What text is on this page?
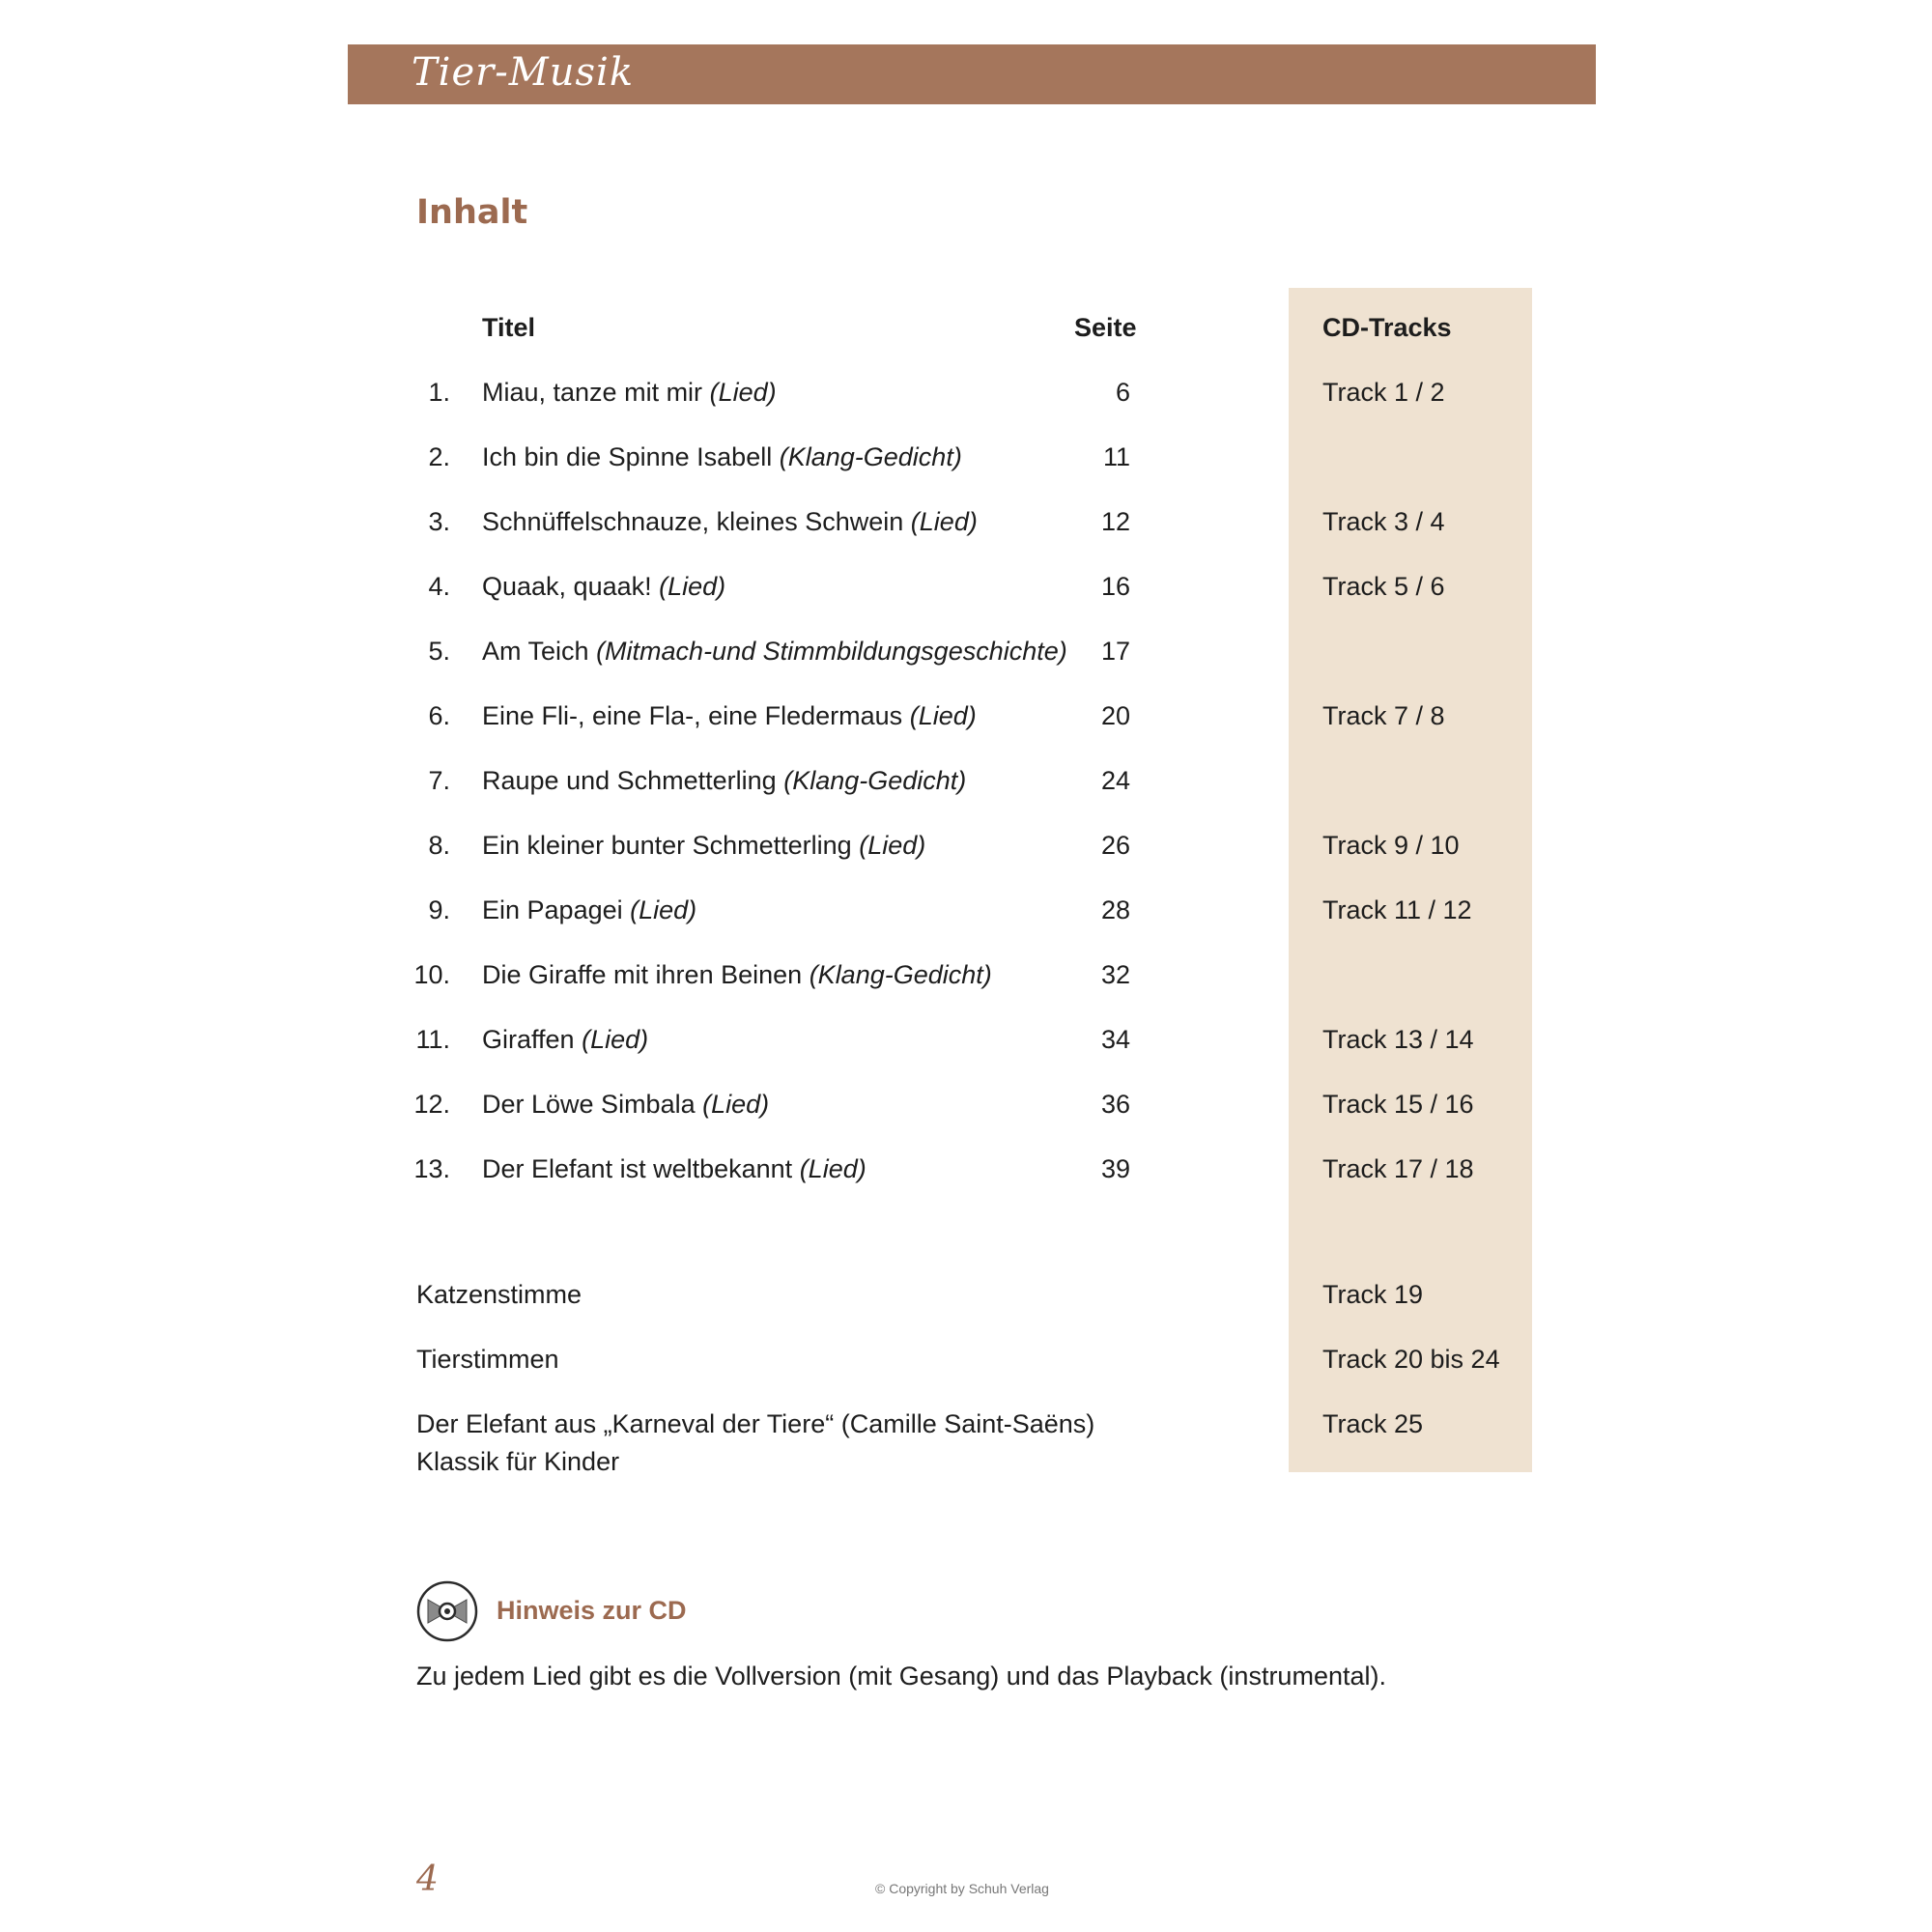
Tier-Musik
Inhalt
Titel	Seite	CD-Tracks
1. Miau, tanze mit mir (Lied)	6	Track 1 / 2
2. Ich bin die Spinne Isabell (Klang-Gedicht)	11
3. Schnüffelschnauze, kleines Schwein (Lied)	12	Track 3 / 4
4. Quaak, quaak! (Lied)	16	Track 5 / 6
5. Am Teich (Mitmach-und Stimmbildungsgeschichte)	17
6. Eine Fli-, eine Fla-, eine Fledermaus (Lied)	20	Track 7 / 8
7. Raupe und Schmetterling (Klang-Gedicht)	24
8. Ein kleiner bunter Schmetterling (Lied)	26	Track 9 / 10
9. Ein Papagei (Lied)	28	Track 11 / 12
10. Die Giraffe mit ihren Beinen (Klang-Gedicht)	32
11. Giraffen (Lied)	34	Track 13 / 14
12. Der Löwe Simbala (Lied)	36	Track 15 / 16
13. Der Elefant ist weltbekannt (Lied)	39	Track 17 / 18
Katzenstimme	Track 19
Tierstimmen	Track 20 bis 24
Der Elefant aus „Karneval der Tiere“ (Camille Saint-Saëns)	Track 25
Klassik für Kinder
Hinweis zur CD
Zu jedem Lied gibt es die Vollversion (mit Gesang) und das Playback (instrumental).
4	© Copyright by Schuh Verlag
